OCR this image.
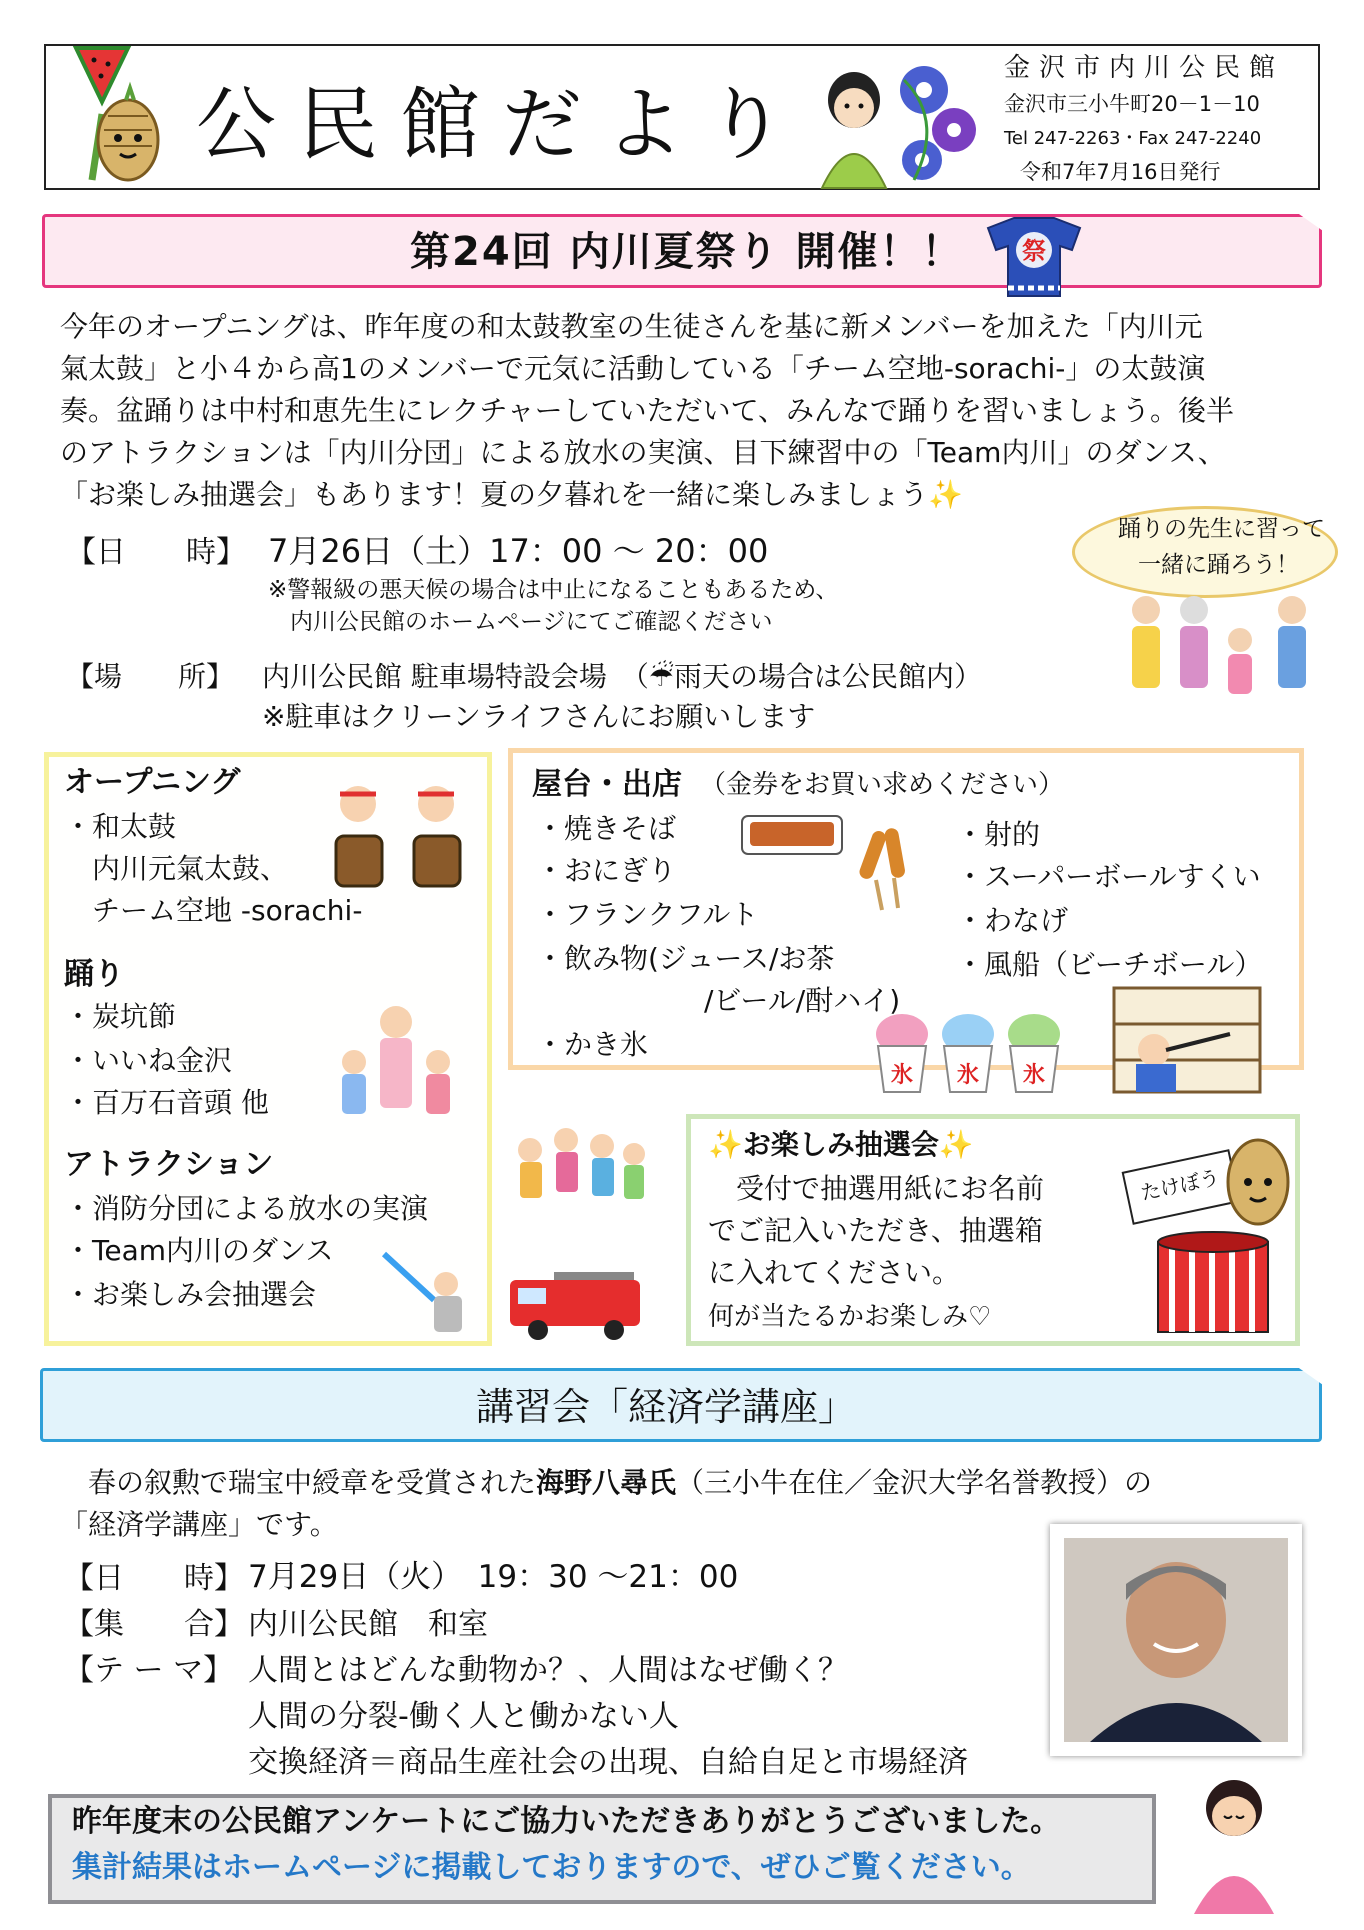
公民館だより
金沢市内川公民館
金沢市三小牛町20－1－10
Tel 247-2263・Fax 247-2240
令和7年7月16日発行
第24回 内川夏祭り 開催！！ 祭
今年のオープニングは、昨年度の和太鼓教室の生徒さんを基に新メンバーを加えた「内川元
氣太鼓」と小４から高1のメンバーで元気に活動している「チーム空地-sorachi-」の太鼓演
奏。盆踊りは中村和恵先生にレクチャーしていただいて、みんなで踊りを習いましょう。後半
のアトラクションは「内川分団」による放水の実演、目下練習中の「Team内川」のダンス、
「お楽しみ抽選会」もあります！夏の夕暮れを一緒に楽しみましょう✨
【日　　時】 7月26日（土）17：00 ～ 20：00
※警報級の悪天候の場合は中止になることもあるため、
内川公民館のホームページにてご確認ください
【場　　所】 内川公民館 駐車場特設会場　（☔雨天の場合は公民館内）
※駐車はクリーンライフさんにお願いします
踊りの先生に習って
一緒に踊ろう！
オープニング
・和太鼓
　内川元氣太鼓、
　チーム空地 -sorachi-
踊り
・炭坑節
・いいね金沢
・百万石音頭 他
アトラクション
・消防分団による放水の実演
・Team内川のダンス
・お楽しみ会抽選会
屋台・出店 （金券をお買い求めください）
・焼きそば
・おにぎり
・フランクフルト
・飲み物(ジュース/お茶
　　　　　　/ビール/酎ハイ)
・かき氷
・射的
・スーパーボールすくい
・わなげ
・風船（ビーチボール）
氷 氷 氷
✨お楽しみ抽選会✨
　受付で抽選用紙にお名前
でご記入いただき、抽選箱
に入れてください。
何が当たるかお楽しみ♡
たけぼう
講習会「経済学講座」
　春の叙勲で瑞宝中綬章を受賞された海野八尋氏（三小牛在住／金沢大学名誉教授）の
「経済学講座」です。
【日　　時】 7月29日（火）　19：30 ～21：00
【集　　合】 内川公民館　和室
【テ ー マ】 人間とはどんな動物か？、人間はなぜ働く？
人間の分裂-働く人と働かない人
交換経済＝商品生産社会の出現、自給自足と市場経済
昨年度末の公民館アンケートにご協力いただきありがとうございました。
集計結果はホームページに掲載しておりますので、ぜひご覧ください。
